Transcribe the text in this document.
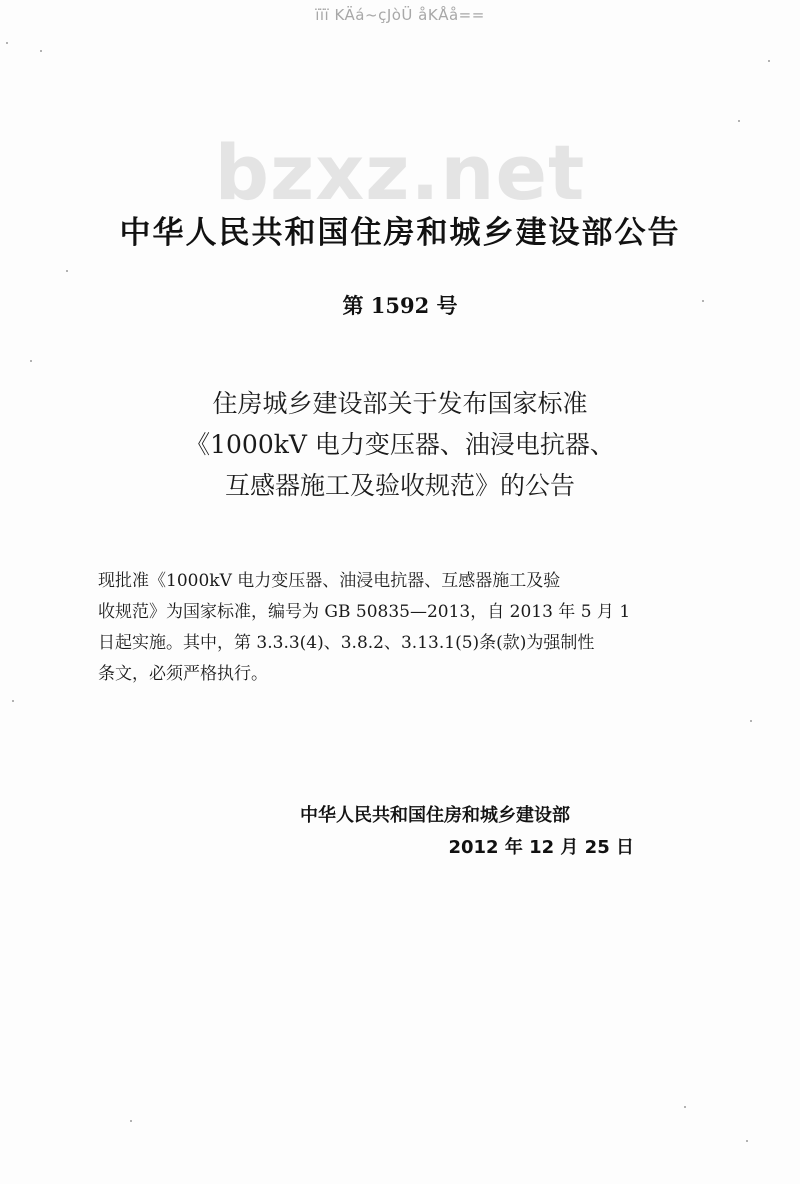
ïïï KÄá~çJòÜ åKÅå==
bzxz.net
中华人民共和国住房和城乡建设部公告
第 1592 号
住房城乡建设部关于发布国家标准
《1000kV 电力变压器、油浸电抗器、
互感器施工及验收规范》的公告
现批准《1000kV 电力变压器、油浸电抗器、互感器施工及验
收规范》为国家标准，编号为 GB 50835—2013，自 2013 年 5 月 1
日起实施。其中，第 3.3.3(4)、3.8.2、3.13.1(5)条(款)为强制性
条文，必须严格执行。
中华人民共和国住房和城乡建设部
2012 年 12 月 25 日
